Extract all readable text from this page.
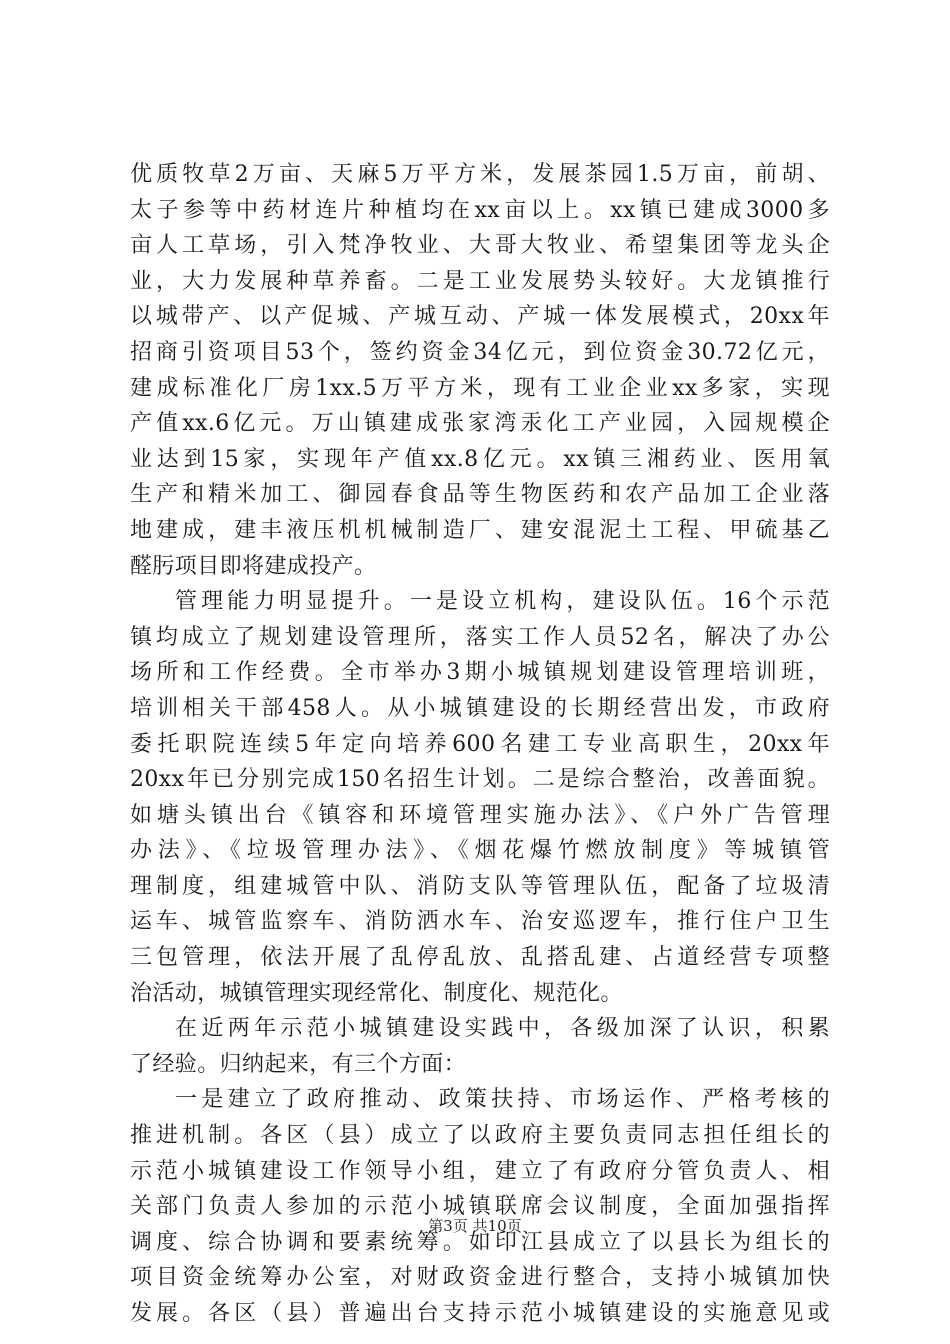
优质牧草2万亩、天麻5万平方米，发展茶园1.5万亩，前胡、
太子参等中药材连片种植均在xx亩以上。xx镇已建成3000多
亩人工草场，引入梵净牧业、大哥大牧业、希望集团等龙头企
业，大力发展种草养畜。二是工业发展势头较好。大龙镇推行
以城带产、以产促城、产城互动、产城一体发展模式，20xx年
招商引资项目53个，签约资金34亿元，到位资金30.72亿元，
建成标准化厂房1xx.5万平方米，现有工业企业xx多家，实现
产值xx.6亿元。万山镇建成张家湾汞化工产业园，入园规模企
业达到15家，实现年产值xx.8亿元。xx镇三湘药业、医用氧
生产和精米加工、御园春食品等生物医药和农产品加工企业落
地建成，建丰液压机机械制造厂、建安混泥土工程、甲硫基乙
醛肟项目即将建成投产。
管理能力明显提升。一是设立机构，建设队伍。16个示范
镇均成立了规划建设管理所，落实工作人员52名，解决了办公
场所和工作经费。全市举办3期小城镇规划建设管理培训班，
培训相关干部458人。从小城镇建设的长期经营出发，市政府
委托职院连续5年定向培养600名建工专业高职生，20xx年
20xx年已分别完成150名招生计划。二是综合整治，改善面貌。
如塘头镇出台《镇容和环境管理实施办法》、《户外广告管理
办法》、《垃圾管理办法》、《烟花爆竹燃放制度》等城镇管
理制度，组建城管中队、消防支队等管理队伍，配备了垃圾清
运车、城管监察车、消防洒水车、治安巡逻车，推行住户卫生
三包管理，依法开展了乱停乱放、乱搭乱建、占道经营专项整
治活动，城镇管理实现经常化、制度化、规范化。
在近两年示范小城镇建设实践中，各级加深了认识，积累
了经验。归纳起来，有三个方面：
一是建立了政府推动、政策扶持、市场运作、严格考核的
推进机制。各区（县）成立了以政府主要负责同志担任组长的
示范小城镇建设工作领导小组，建立了有政府分管负责人、相
关部门负责人参加的示范小城镇联席会议制度，全面加强指挥
调度、综合协调和要素统筹。如印江县成立了以县长为组长的
项目资金统筹办公室，对财政资金进行整合，支持小城镇加快
发展。各区（县）普遍出台支持示范小城镇建设的实施意见或
第3页 共10页
